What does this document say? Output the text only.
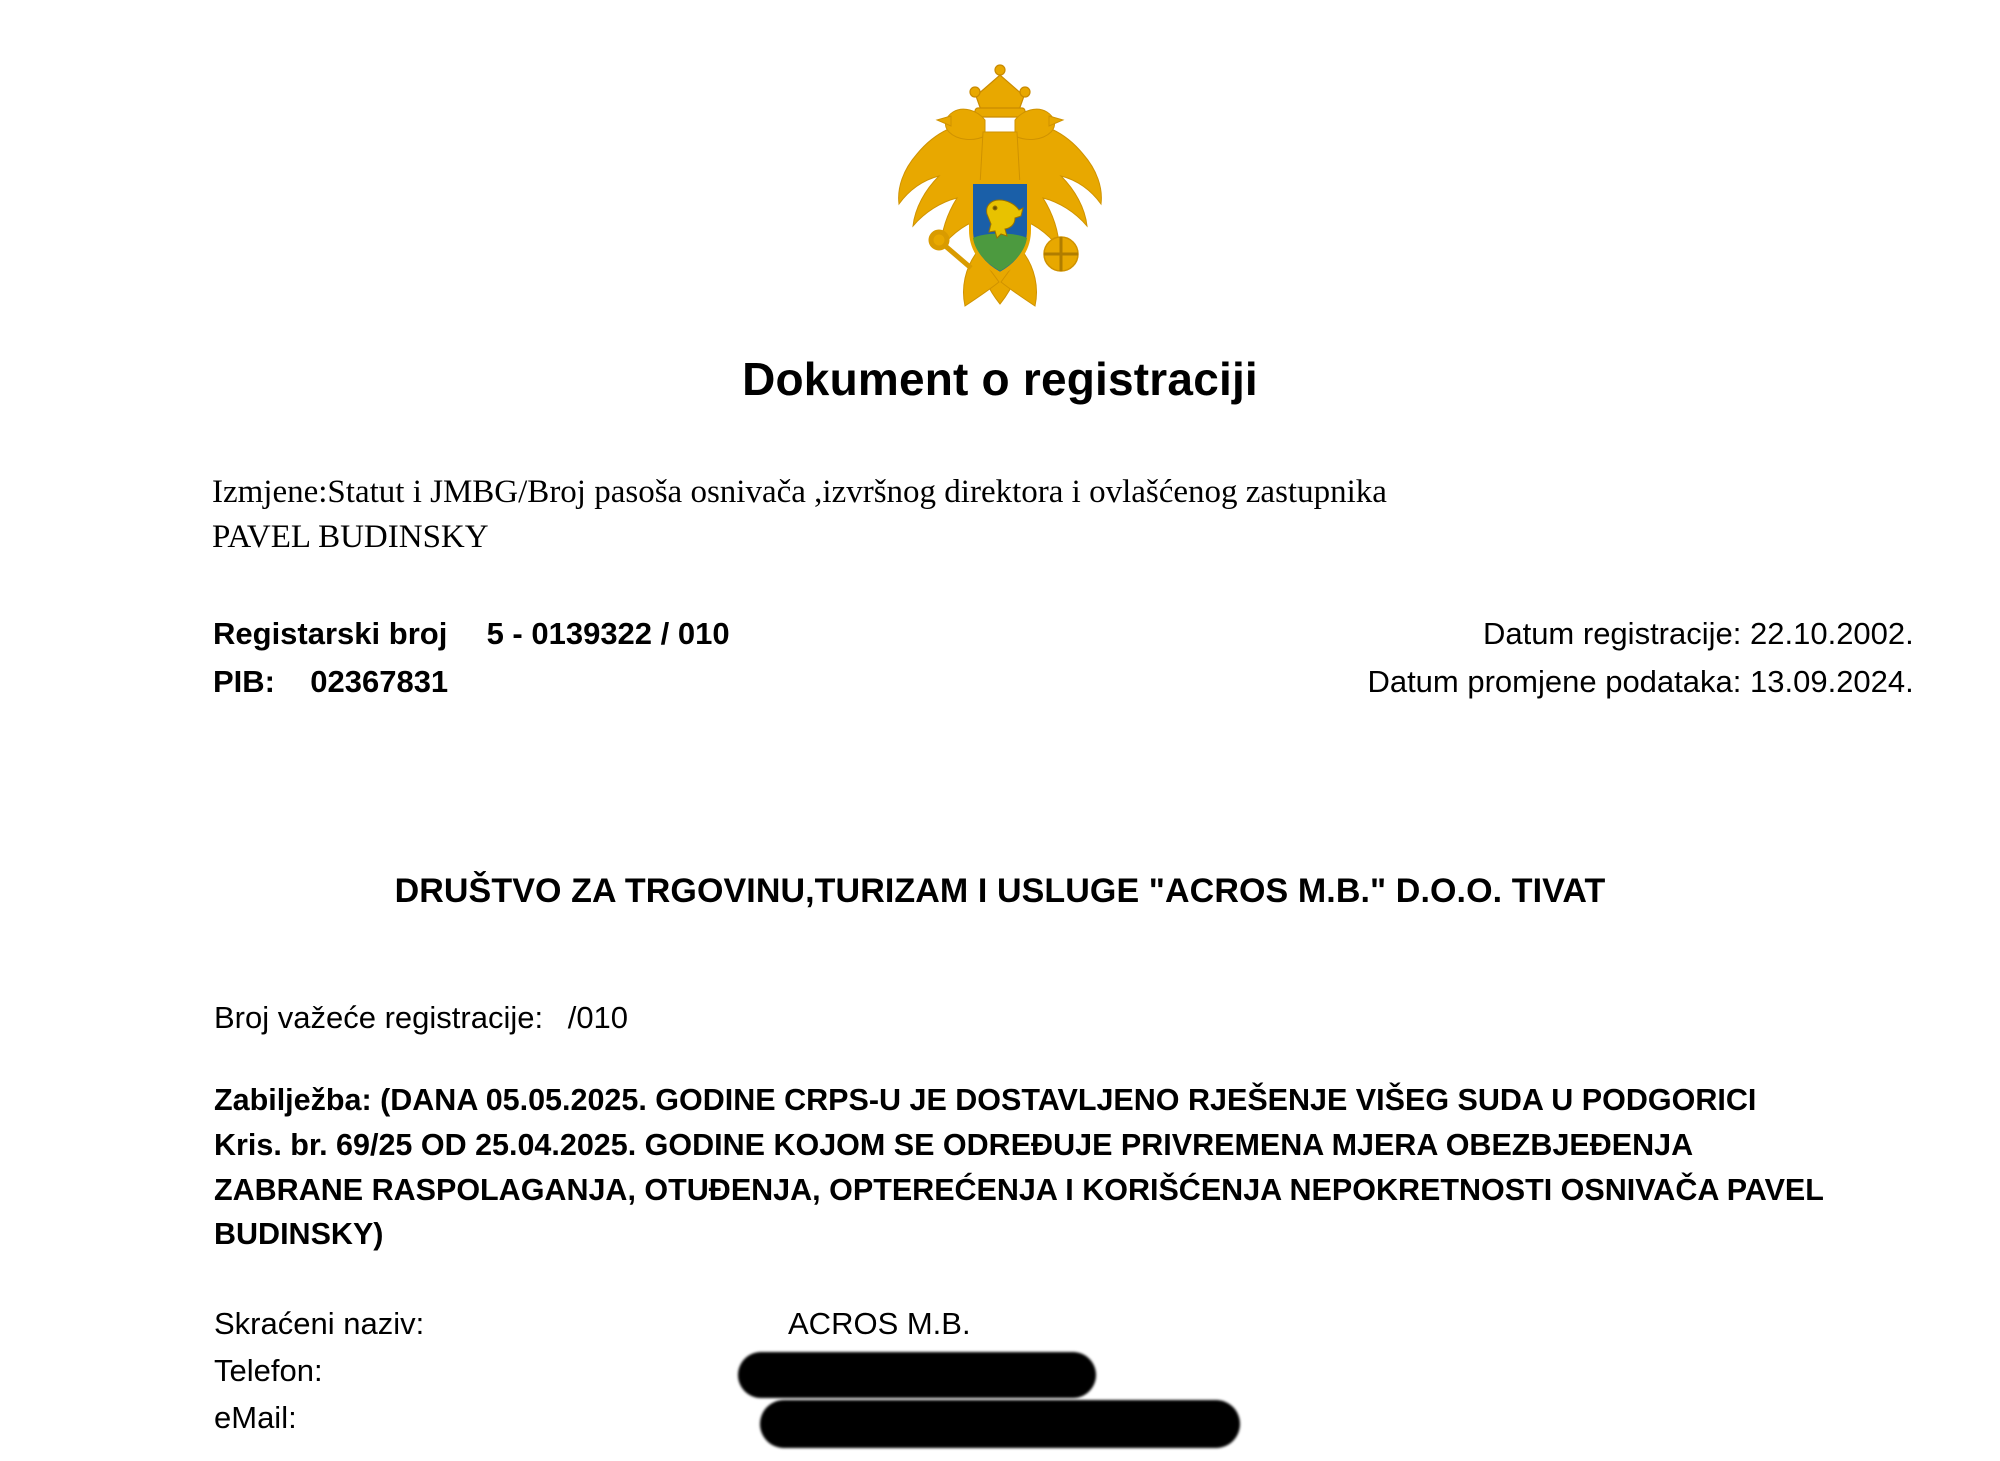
Dokument o registraciji
Izmjene:Statut i JMBG/Broj pasoša osnivača ,izvršnog direktora i ovlašćenog zastupnika
PAVEL BUDINSKY
Registarski broj 5 - 0139322 / 010
PIB: 02367831
Datum registracije: 22.10.2002.
Datum promjene podataka: 13.09.2024.
DRUŠTVO ZA TRGOVINU,TURIZAM I USLUGE "ACROS M.B." D.O.O. TIVAT
Broj važeće registracije: /010
Zabilježba: (DANA 05.05.2025. GODINE CRPS-U JE DOSTAVLJENO RJEŠENJE VIŠEG SUDA U PODGORICI Kris. br. 69/25 OD 25.04.2025. GODINE KOJOM SE ODREĐUJE PRIVREMENA MJERA OBEZBJEĐENJA ZABRANE RASPOLAGANJA, OTUĐENJA, OPTEREĆENJA I KORIŠĆENJA NEPOKRETNOSTI OSNIVAČA PAVEL BUDINSKY)
Skraćeni naziv:	ACROS M.B.
Telefon:
eMail:
